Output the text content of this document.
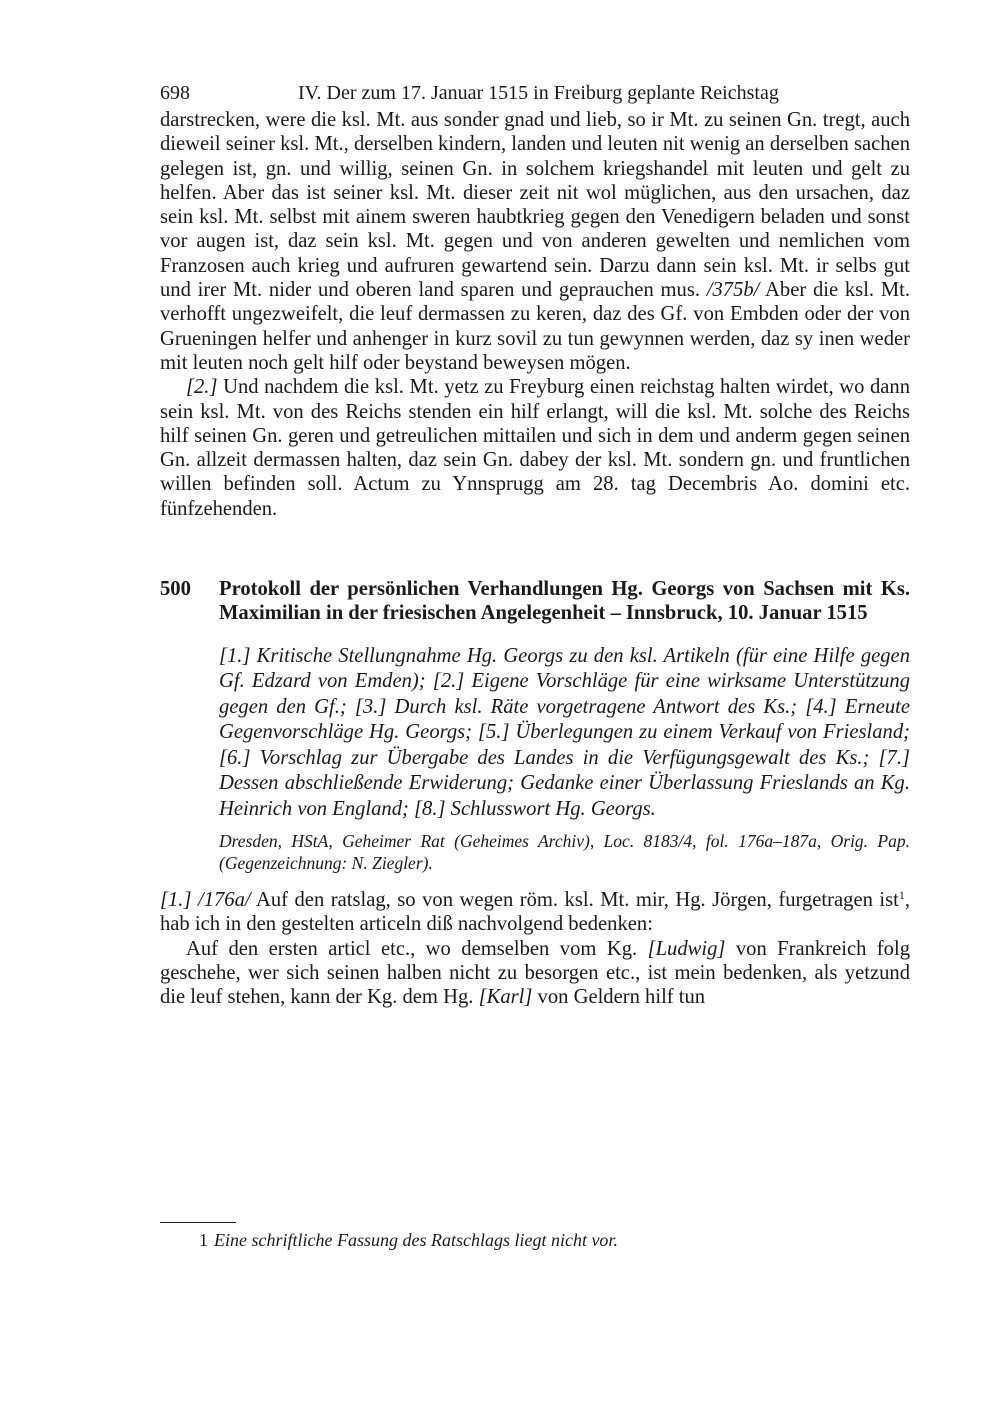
698	IV. Der zum 17. Januar 1515 in Freiburg geplante Reichstag

darstrecken, were die ksl. Mt. aus sonder gnad und lieb, so ir Mt. zu seinen Gn. tregt, auch dieweil seiner ksl. Mt., derselben kindern, landen und leuten nit wenig an derselben sachen gelegen ist, gn. und willig, seinen Gn. in solchem kriegshandel mit leuten und gelt zu helfen. Aber das ist seiner ksl. Mt. dieser zeit nit wol müglichen, aus den ursachen, daz sein ksl. Mt. selbst mit ainem sweren haubtkrieg gegen den Venedigern beladen und sonst vor augen ist, daz sein ksl. Mt. gegen und von anderen gewelten und nemlichen vom Franzosen auch krieg und aufruren gewartend sein. Darzu dann sein ksl. Mt. ir selbs gut und irer Mt. nider und oberen land sparen und geprauchen mus. /375b/ Aber die ksl. Mt. verhofft ungezweifelt, die leuf dermassen zu keren, daz des Gf. von Embden oder der von Grueningen helfer und anhenger in kurz sovil zu tun gewynnen werden, daz sy inen weder mit leuten noch gelt hilf oder beystand beweysen mögen.

[2.] Und nachdem die ksl. Mt. yetz zu Freyburg einen reichstag halten wirdet, wo dann sein ksl. Mt. von des Reichs stenden ein hilf erlangt, will die ksl. Mt. solche des Reichs hilf seinen Gn. geren und getreulichen mittailen und sich in dem und anderm gegen seinen Gn. allzeit dermassen halten, daz sein Gn. dabey der ksl. Mt. sondern gn. und fruntlichen willen befinden soll. Actum zu Ynnsprugg am 28. tag Decembris Ao. domini etc. fünfzehenden.

500	Protokoll der persönlichen Verhandlungen Hg. Georgs von Sachsen mit Ks. Maximilian in der friesischen Angelegenheit – Innsbruck, 10. Januar 1515

[1.] Kritische Stellungnahme Hg. Georgs zu den ksl. Artikeln (für eine Hilfe gegen Gf. Edzard von Emden); [2.] Eigene Vorschläge für eine wirksame Unterstützung gegen den Gf.; [3.] Durch ksl. Räte vorgetragene Antwort des Ks.; [4.] Erneute Gegenvorschläge Hg. Georgs; [5.] Überlegungen zu einem Verkauf von Friesland; [6.] Vorschlag zur Übergabe des Landes in die Verfügungsgewalt des Ks.; [7.] Dessen abschließende Erwiderung; Gedanke einer Überlassung Frieslands an Kg. Heinrich von England; [8.] Schlusswort Hg. Georgs.

Dresden, HStA, Geheimer Rat (Geheimes Archiv), Loc. 8183/4, fol. 176a–187a, Orig. Pap. (Gegenzeichnung: N. Ziegler).

[1.] /176a/ Auf den ratslag, so von wegen röm. ksl. Mt. mir, Hg. Jörgen, furgetragen ist$^1$, hab ich in den gestelten articeln diß nachvolgend bedenken:

Auf den ersten articl etc., wo demselben vom Kg. [Ludwig] von Frankreich folg geschehe, wer sich seinen halben nicht zu besorgen etc., ist mein bedenken, als yetzund die leuf stehen, kann der Kg. dem Hg. [Karl] von Geldern hilf tun

1 Eine schriftliche Fassung des Ratschlags liegt nicht vor.
